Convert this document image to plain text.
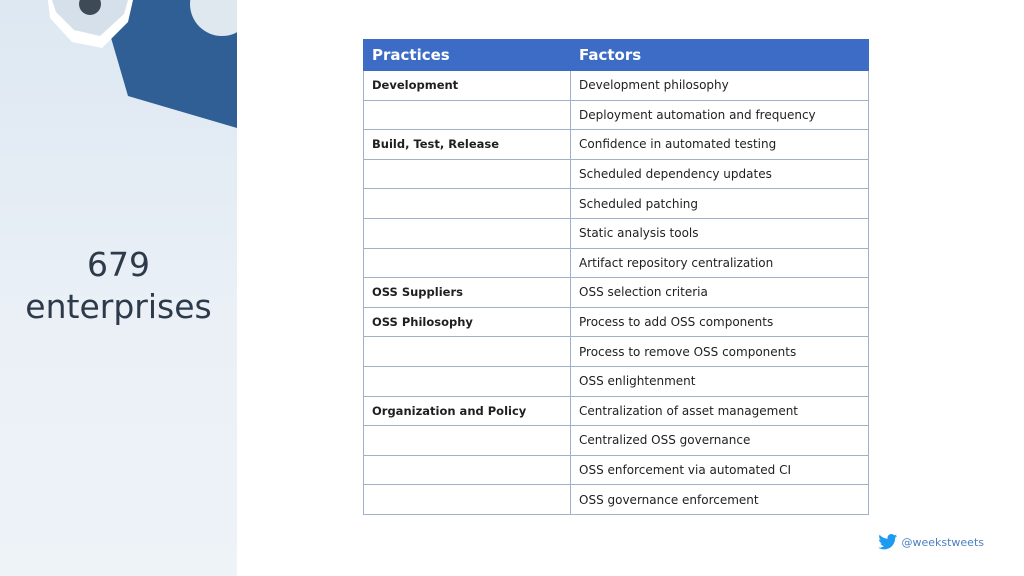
679
enterprises
Practices	Factors
Development	Development philosophy
	Deployment automation and frequency
Build, Test, Release	Confidence in automated testing
	Scheduled dependency updates
	Scheduled patching
	Static analysis tools
	Artifact repository centralization
OSS Suppliers	OSS selection criteria
OSS Philosophy	Process to add OSS components
	Process to remove OSS components
	OSS enlightenment
Organization and Policy	Centralization of asset management
	Centralized OSS governance
	OSS enforcement via automated CI
	OSS governance enforcement
@weekstweets
